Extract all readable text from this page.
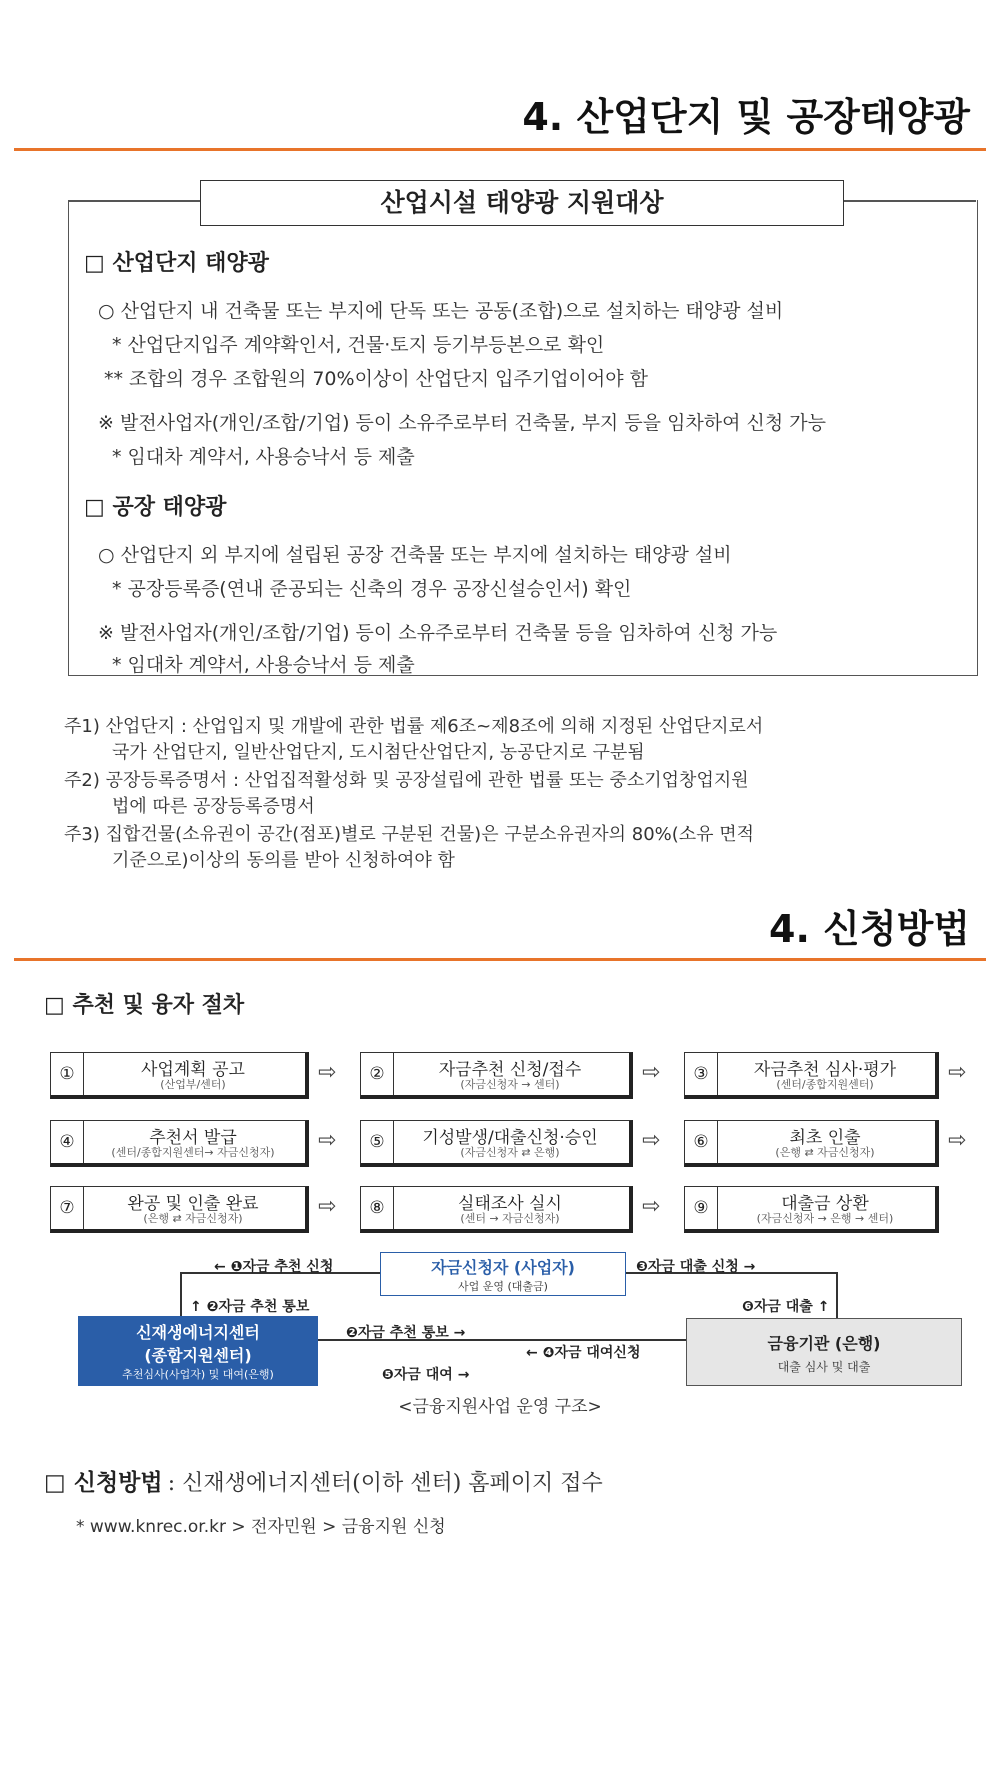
4. 산업단지 및 공장태양광
산업시설 태양광 지원대상
□ 산업단지 태양광
○ 산업단지 내 건축물 또는 부지에 단독 또는 공동(조합)으로 설치하는 태양광 설비
* 산업단지입주 계약확인서, 건물·토지 등기부등본으로 확인
** 조합의 경우 조합원의 70%이상이 산업단지 입주기업이어야 함
※ 발전사업자(개인/조합/기업) 등이 소유주로부터 건축물, 부지 등을 임차하여 신청 가능
* 임대차 계약서, 사용승낙서 등 제출
□ 공장 태양광
○ 산업단지 외 부지에 설립된 공장 건축물 또는 부지에 설치하는 태양광 설비
* 공장등록증(연내 준공되는 신축의 경우 공장신설승인서) 확인
※ 발전사업자(개인/조합/기업) 등이 소유주로부터 건축물 등을 임차하여 신청 가능
* 임대차 계약서, 사용승낙서 등 제출
주1) 산업단지 : 산업입지 및 개발에 관한 법률 제6조~제8조에 의해 지정된 산업단지로서
국가 산업단지, 일반산업단지, 도시첨단산업단지, 농공단지로 구분됨
주2) 공장등록증명서 : 산업집적활성화 및 공장설립에 관한 법률 또는 중소기업창업지원
법에 따른 공장등록증명서
주3) 집합건물(소유권이 공간(점포)별로 구분된 건물)은 구분소유권자의 80%(소유 면적
기준으로)이상의 동의를 받아 신청하여야 함
4. 신청방법
□ 추천 및 융자 절차
①	사업계획 공고
(산업부/센터)	⇨	②	자금추천 신청/접수
(자금신청자 → 센터)	⇨	③	자금추천 심사·평가
(센터/종합지원센터)	⇨
④	추천서 발급
(센터/종합지원센터→ 자금신청자)	⇨	⑤	기성발생/대출신청·승인
(자금신청자 ⇄ 은행)	⇨	⑥	최초 인출
(은행 ⇄ 자금신청자)	⇨
⑦	완공 및 인출 완료
(은행 ⇄ 자금신청자)	⇨	⑧	실태조사 실시
(센터 → 자금신청자)	⇨	⑨	대출금 상환
(자금신청자 → 은행 → 센터)
자금신청자 (사업자)
사업 운영 (대출금)
신재생에너지센터
(종합지원센터)
추천심사(사업자) 및 대여(은행)
금융기관 (은행)
대출 심사 및 대출
← ❶자금 추천 신청
↑ ❷자금 추천 통보
❷자금 추천 통보 →
← ❹자금 대여신청
❺자금 대여 →
❸자금 대출 신청 →
❻자금 대출 ↑
<금융지원사업 운영 구조>
□ 신청방법 : 신재생에너지센터(이하 센터) 홈페이지 접수
* www.knrec.or.kr > 전자민원 > 금융지원 신청
